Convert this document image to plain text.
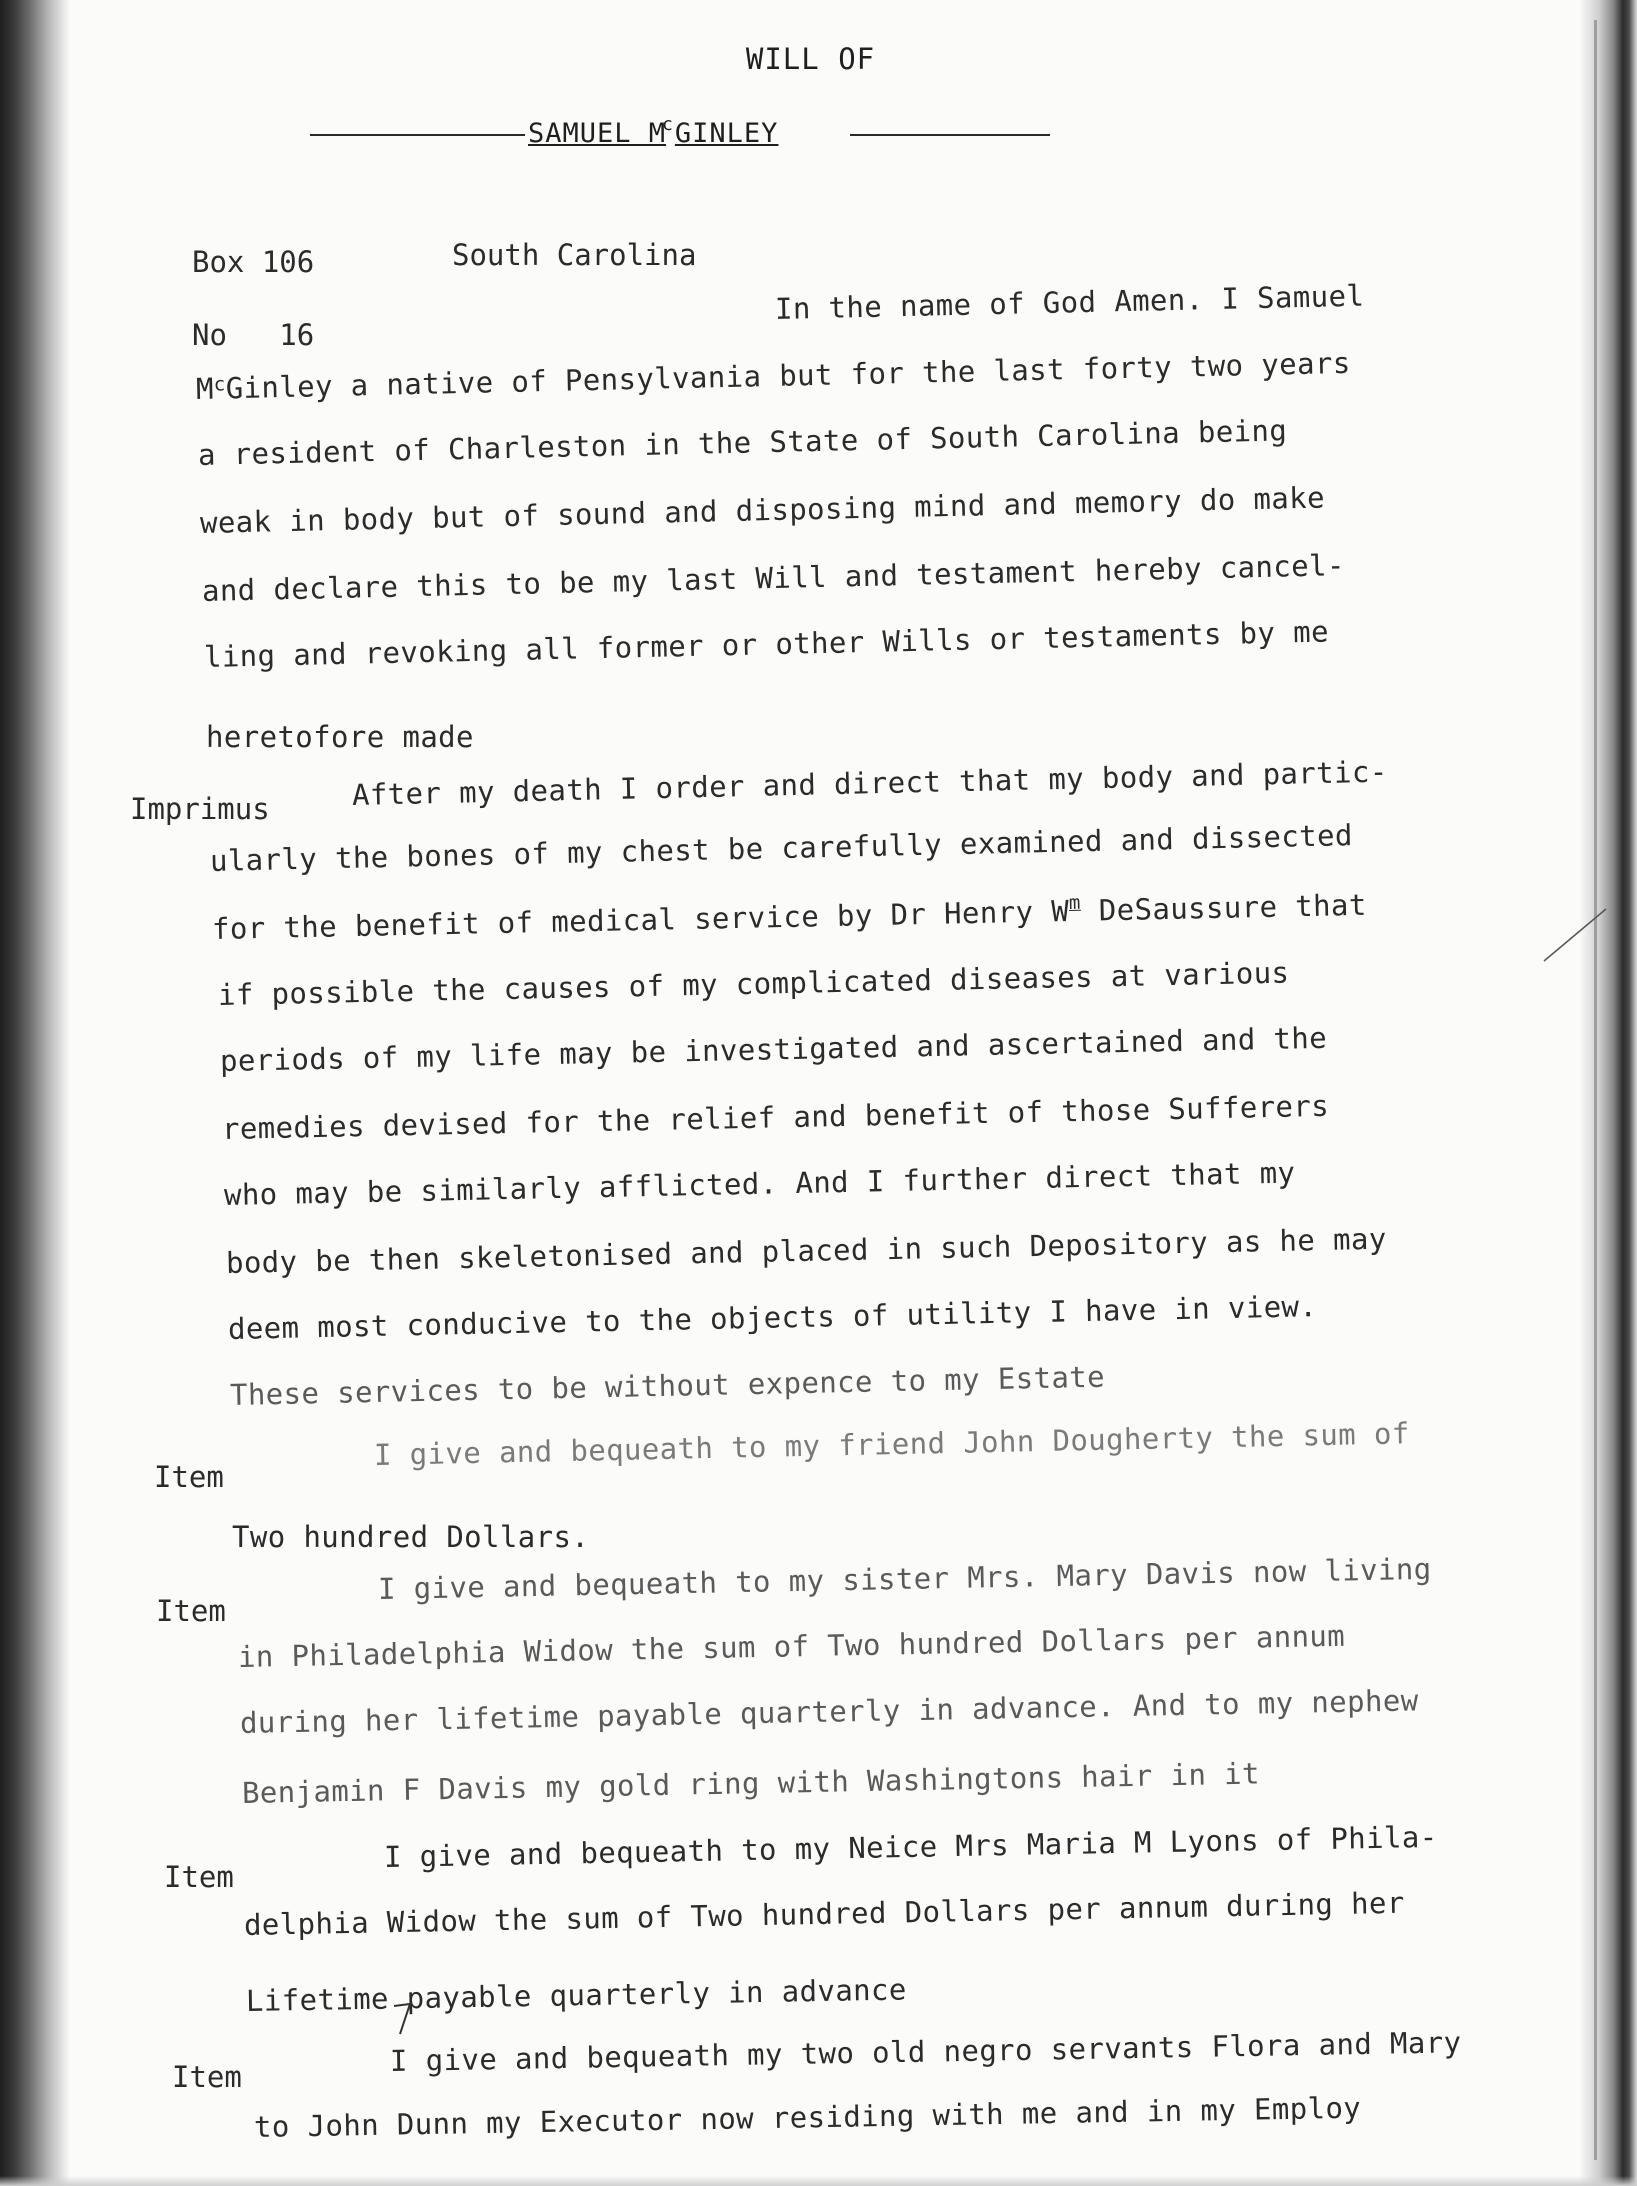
WILL OF
SAMUEL McGINLEY
Box 106	South Carolina
No   16
In the name of God Amen. I Samuel
$M^cGinley$ a native of Pensylvania but for the last forty two years
a resident of Charleston in the State of South Carolina being
weak in body but of sound and disposing mind and memory do make
and declare this to be my last Will and testament hereby cancel-
ling and revoking all former or other Wills or testaments by me
heretofore made
Imprimus	After my death I order and direct that my body and partic-
ularly the bones of my chest be carefully examined and dissected
for the benefit of medical service by Dr Henry $W^m$ DeSaussure that
if possible the causes of my complicated diseases at various
periods of my life may be investigated and ascertained and the
remedies devised for the relief and benefit of those Sufferers
who may be similarly afflicted. And I further direct that my
body be then skeletonised and placed in such Depository as he may
deem most conducive to the objects of utility I have in view.
These services to be without expence to my Estate
Item
I give and bequeath to my friend John Dougherty the sum of
Two hundred Dollars.
Item
I give and bequeath to my sister Mrs. Mary Davis now living
in Philadelphia Widow the sum of Two hundred Dollars per annum
during her lifetime payable quarterly in advance. And to my nephew
Benjamin F Davis my gold ring with Washingtons hair in it
Item
I give and bequeath to my Neice Mrs Maria M Lyons of Phila-
delphia Widow the sum of Two hundred Dollars per annum during her
Lifetime payable quarterly in advance
Item	I give and bequeath my two old negro servants Flora and Mary
to John Dunn my Executor now residing with me and in my Employ
